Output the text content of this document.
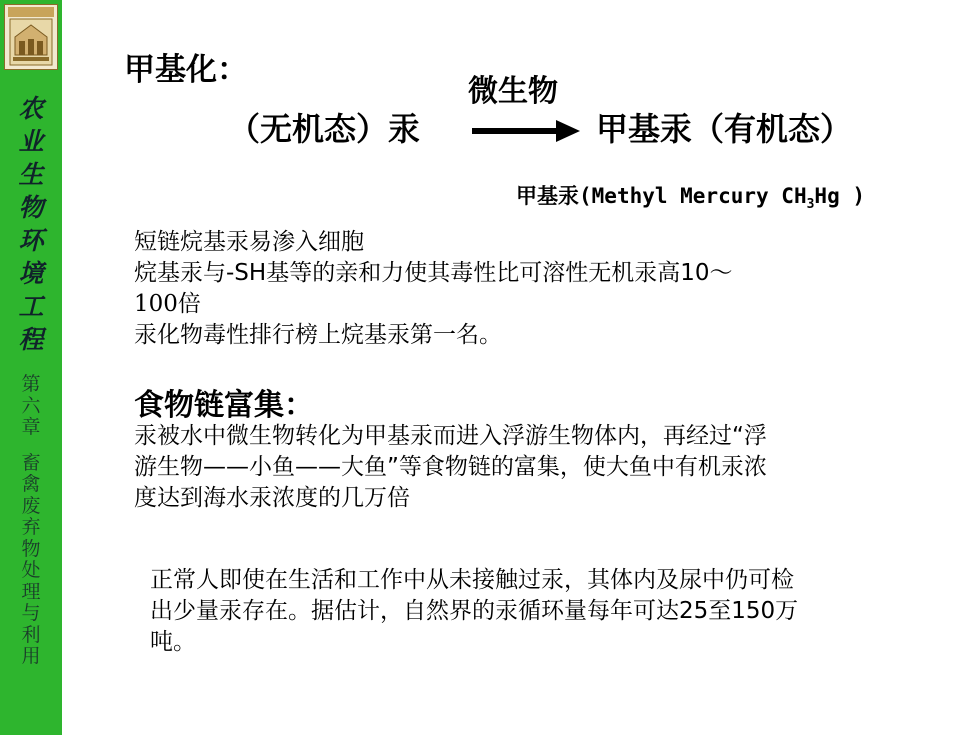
农
业
生
物
环
境
工
程
第
六
章
畜
禽
废
弃
物
处
理
与
利
用
甲基化：
微生物
（无机态）汞	甲基汞（有机态）
甲基汞(Methyl Mercury $CH_3Hg$ )
短链烷基汞易渗入细胞
烷基汞与-SH基等的亲和力使其毒性比可溶性无机汞高10～
100倍
汞化物毒性排行榜上烷基汞第一名。
食物链富集：
汞被水中微生物转化为甲基汞而进入浮游生物体内，再经过“浮
游生物——小鱼——大鱼”等食物链的富集，使大鱼中有机汞浓
度达到海水汞浓度的几万倍
正常人即使在生活和工作中从未接触过汞，其体内及尿中仍可检
出少量汞存在。据估计，自然界的汞循环量每年可达25至150万
吨。
